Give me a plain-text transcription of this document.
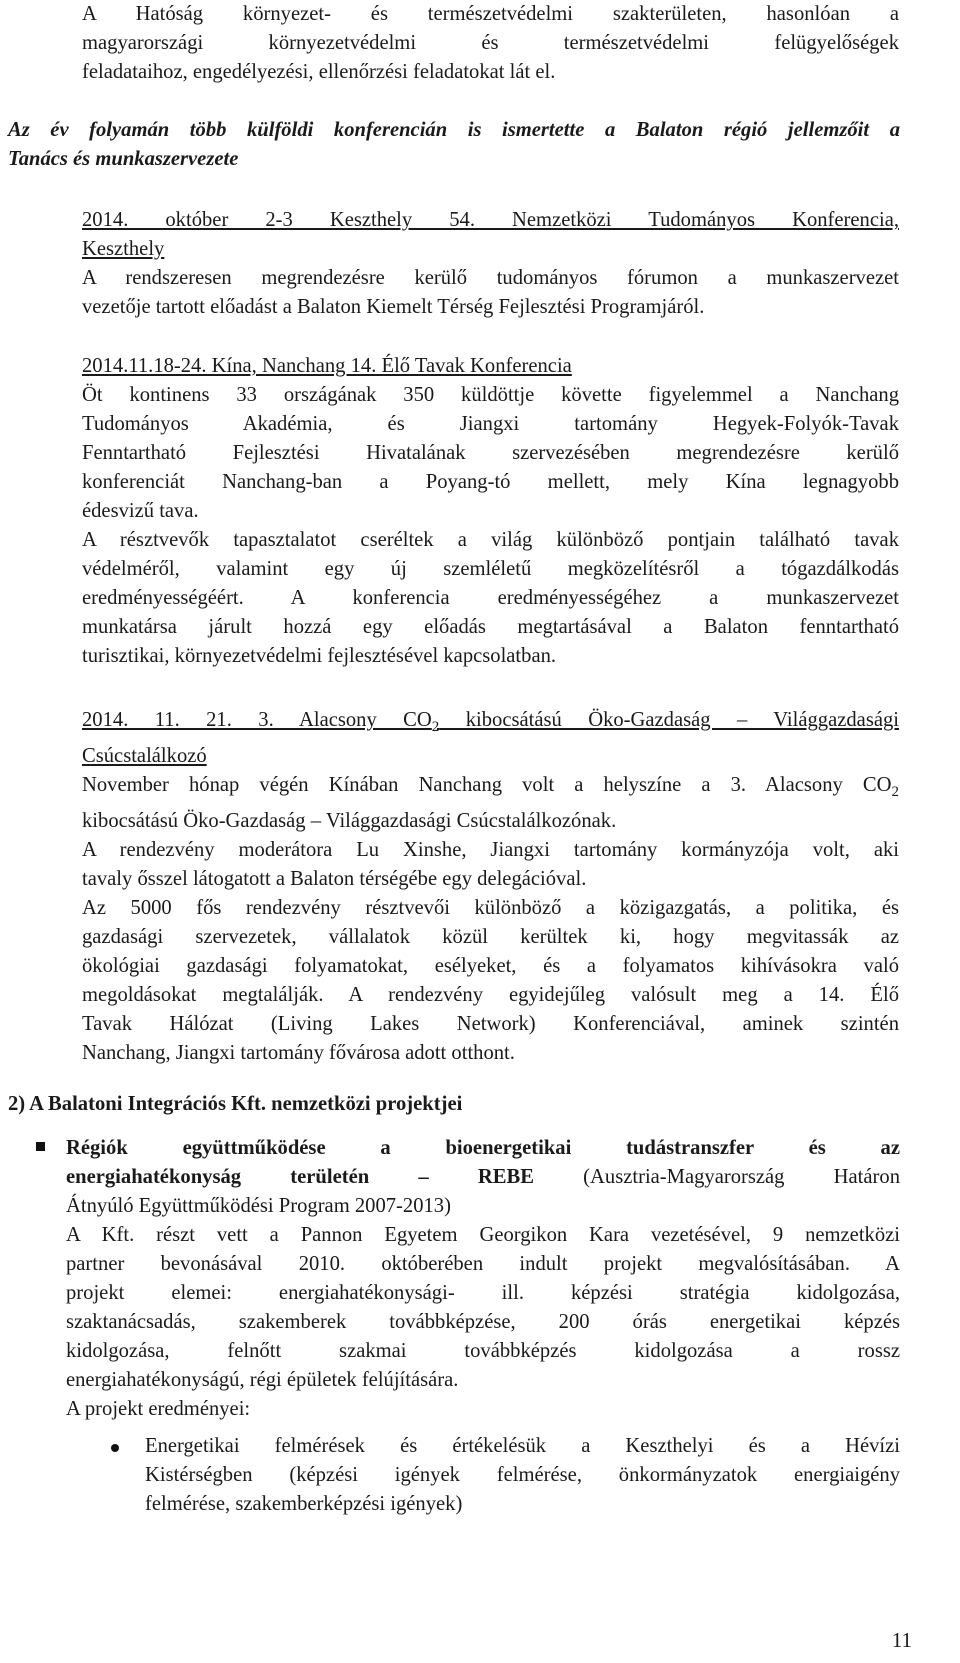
A Hatóság környezet- és természetvédelmi szakterületen, hasonlóan a
magyarországi környezetvédelmi és természetvédelmi felügyelőségek
feladataihoz, engedélyezési, ellenőrzési feladatokat lát el.
Az év folyamán több külföldi konferencián is ismertette a Balaton régió jellemzőit a
Tanács és munkaszervezete
2014. október 2-3 Keszthely 54. Nemzetközi Tudományos Konferencia,
Keszthely
A rendszeresen megrendezésre kerülő tudományos fórumon a munkaszervezet
vezetője tartott előadást a Balaton Kiemelt Térség Fejlesztési Programjáról.
2014.11.18-24. Kína, Nanchang 14. Élő Tavak Konferencia
Öt kontinens 33 országának 350 küldöttje követte figyelemmel a Nanchang
Tudományos Akadémia, és Jiangxi tartomány Hegyek-Folyók-Tavak
Fenntartható Fejlesztési Hivatalának szervezésében megrendezésre kerülő
konferenciát Nanchang-ban a Poyang-tó mellett, mely Kína legnagyobb
édesvizű tava.
A résztvevők tapasztalatot cseréltek a világ különböző pontjain található tavak
védelméről, valamint egy új szemléletű megközelítésről a tógazdálkodás
eredményességéért. A konferencia eredményességéhez a munkaszervezet
munkatársa járult hozzá egy előadás megtartásával a Balaton fenntartható
turisztikai, környezetvédelmi fejlesztésével kapcsolatban.
2014. 11. 21. 3. Alacsony $CO_2$ kibocsátású Öko-Gazdaság – Világgazdasági
Csúcstalálkozó
November hónap végén Kínában Nanchang volt a helyszíne a 3. Alacsony $CO_2$
kibocsátású Öko-Gazdaság – Világgazdasági Csúcstalálkozónak.
A rendezvény moderátora Lu Xinshe, Jiangxi tartomány kormányzója volt, aki
tavaly ősszel látogatott a Balaton térségébe egy delegációval.
Az 5000 fős rendezvény résztvevői különböző a közigazgatás, a politika, és
gazdasági szervezetek, vállalatok közül kerültek ki, hogy megvitassák az
ökológiai gazdasági folyamatokat, esélyeket, és a folyamatos kihívásokra való
megoldásokat megtalálják. A rendezvény egyidejűleg valósult meg a 14. Élő
Tavak Hálózat (Living Lakes Network) Konferenciával, aminek szintén
Nanchang, Jiangxi tartomány fővárosa adott otthont.
2) A Balatoni Integrációs Kft. nemzetközi projektjei
Régiók együttműködése a bioenergetikai tudástranszfer és az
energiahatékonyság területén – REBE (Ausztria-Magyarország Határon
Átnyúló Együttműködési Program 2007-2013)
A Kft. részt vett a Pannon Egyetem Georgikon Kara vezetésével, 9 nemzetközi
partner bevonásával 2010. októberében indult projekt megvalósításában. A
projekt elemei: energiahatékonysági- ill. képzési stratégia kidolgozása,
szaktanácsadás, szakemberek továbbképzése, 200 órás energetikai képzés
kidolgozása, felnőtt szakmai továbbképzés kidolgozása a rossz
energiahatékonyságú, régi épületek felújítására.
A projekt eredményei:
Energetikai felmérések és értékelésük a Keszthelyi és a Hévízi
Kistérségben (képzési igények felmérése, önkormányzatok energiaigény
felmérése, szakemberképzési igények)
11
